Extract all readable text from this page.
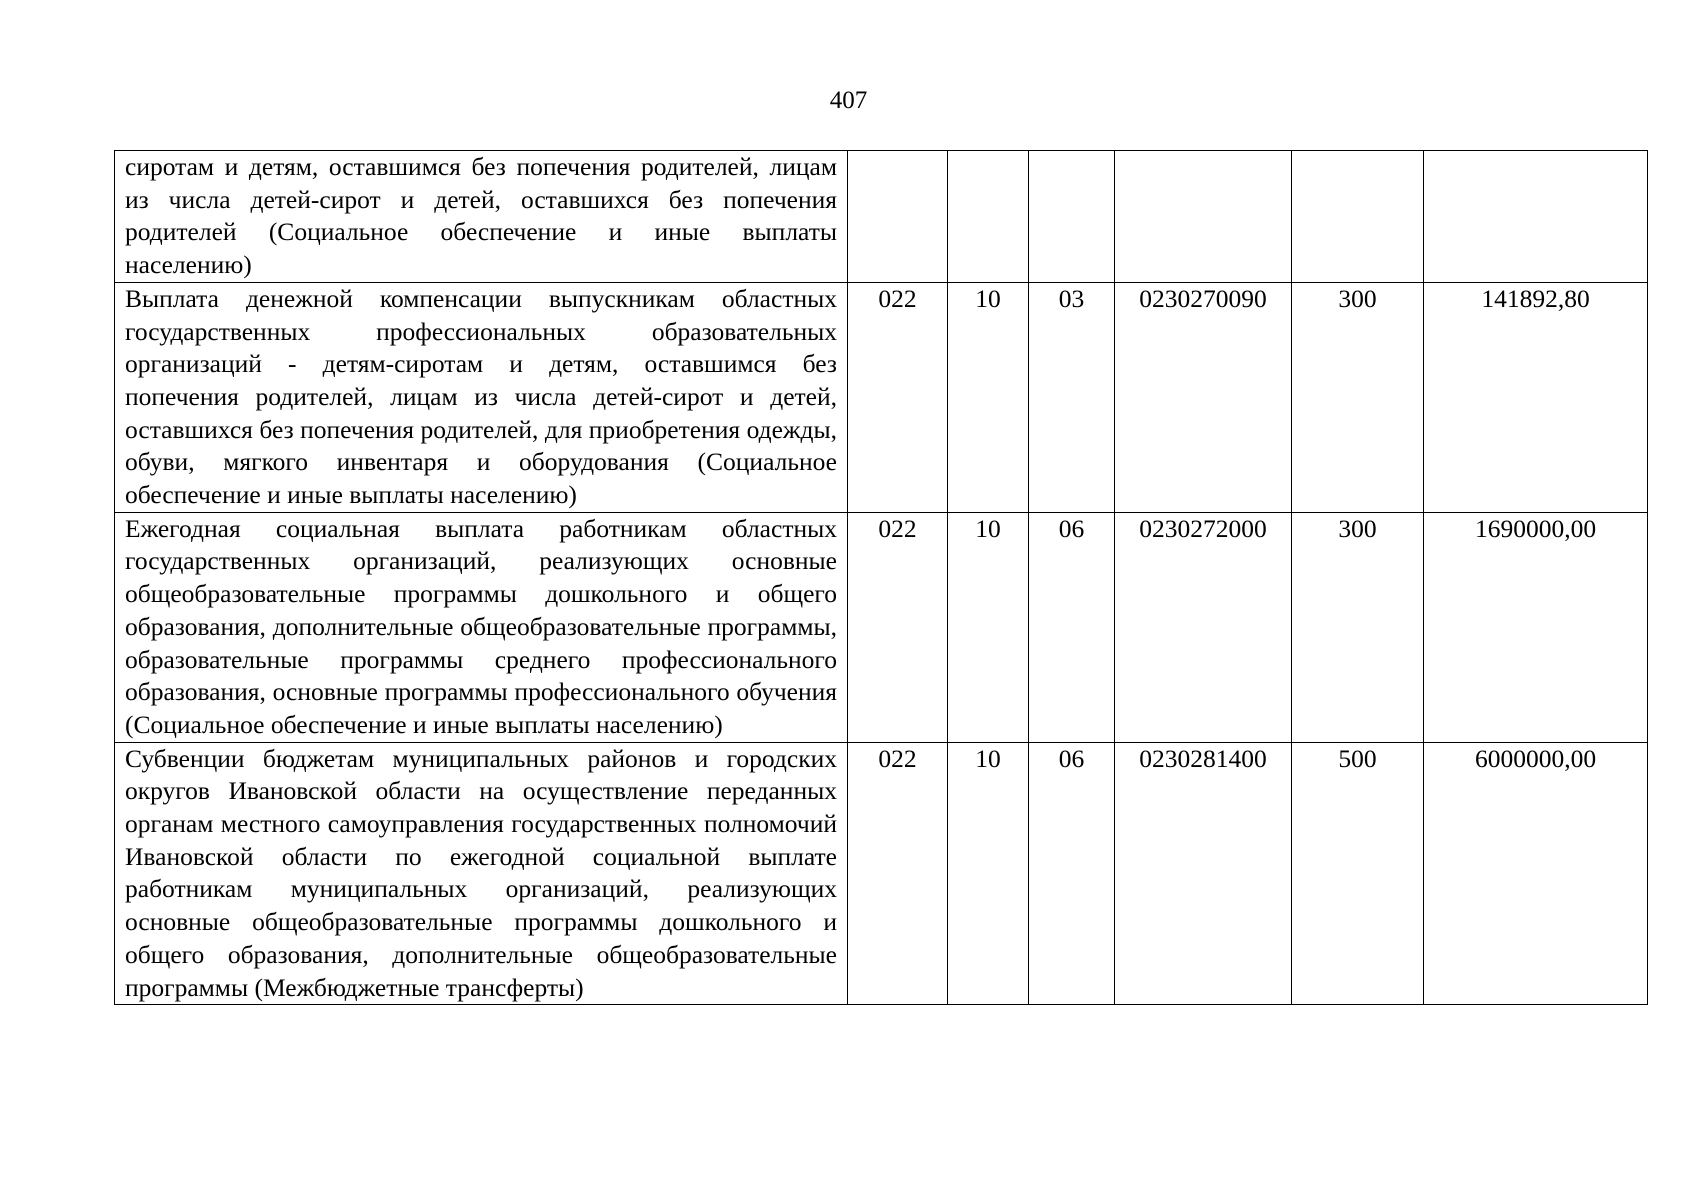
407
сиротам и детям, оставшимся без попечения родителей, лицам из числа детей-сирот и детей, оставшихся без попечения родителей (Социальное обеспечение и иные выплаты населению)						
Выплата денежной компенсации выпускникам областных государственных профессиональных образовательных организаций - детям-сиротам и детям, оставшимся без попечения родителей, лицам из числа детей-сирот и детей, оставшихся без попечения родителей, для приобретения одежды, обуви, мягкого инвентаря и оборудования (Социальное обеспечение и иные выплаты населению)	022	10	03	0230270090	300	141892,80
Ежегодная социальная выплата работникам областных государственных организаций, реализующих основные общеобразовательные программы дошкольного и общего образования, дополнительные общеобразовательные программы, образовательные программы среднего профессионального образования, основные программы профессионального обучения (Социальное обеспечение и иные выплаты населению)	022	10	06	0230272000	300	1690000,00
Субвенции бюджетам муниципальных районов и городских округов Ивановской области на осуществление переданных органам местного самоуправления государственных полномочий Ивановской области по ежегодной социальной выплате работникам муниципальных организаций, реализующих основные общеобразовательные программы дошкольного и общего образования, дополнительные общеобразовательные программы (Межбюджетные трансферты)	022	10	06	0230281400	500	6000000,00
